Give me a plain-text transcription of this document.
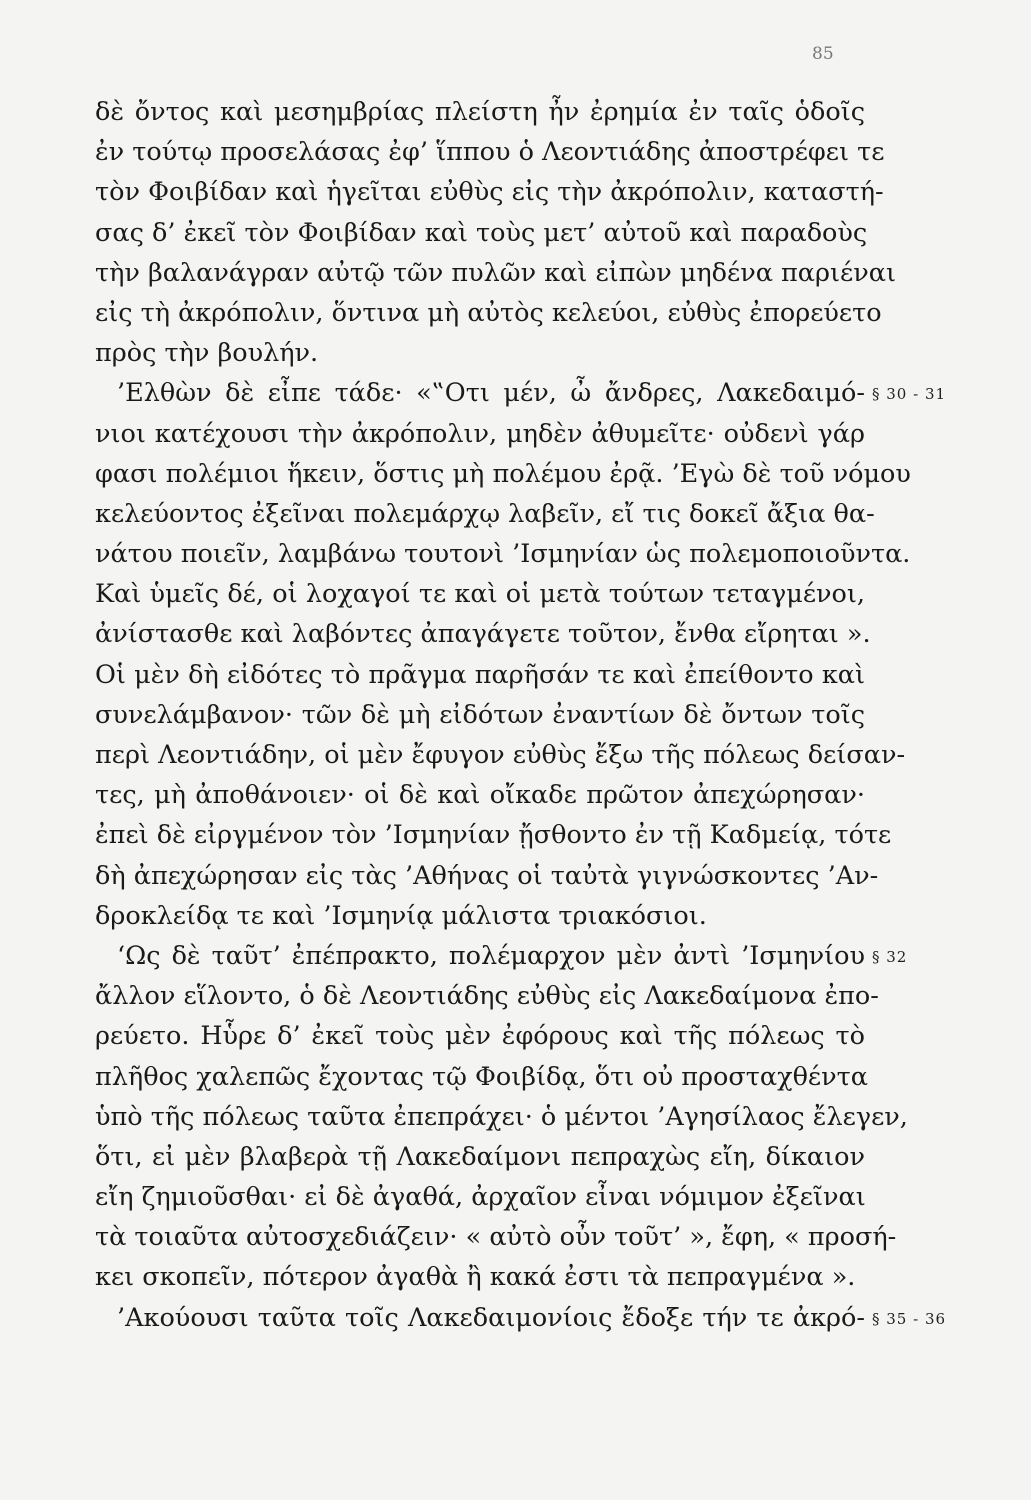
85
δὲ ὄντος καὶ μεσημβρίας πλείστη ἦν ἐρημία ἐν ταῖς ὁδοῖς
ἐν τούτῳ προσελάσας ἐφ’ ἵππου ὁ Λεοντιάδης ἀποστρέφει τε
τὸν Φοιβίδαν καὶ ἡγεῖται εὐθὺς εἰς τὴν ἀκρόπολιν, καταστή-
σας δ’ ἐκεῖ τὸν Φοιβίδαν καὶ τοὺς μετ’ αὐτοῦ καὶ παραδοὺς
τὴν βαλανάγραν αὐτῷ τῶν πυλῶν καὶ εἰπὼν μηδένα παριέναι
εἰς τὴ ἀκρόπολιν, ὅντινα μὴ αὐτὸς κελεύοι, εὐθὺς ἐπορεύετο
πρὸς τὴν βουλήν.
’Ελθὼν δὲ εἶπε τάδε· «‟Οτι μέν, ὦ ἄνδρες, Λακεδαιμό-
νιοι κατέχουσι τὴν ἀκρόπολιν, μηδὲν ἀθυμεῖτε· οὐδενὶ γάρ
φασι πολέμιοι ἥκειν, ὅστις μὴ πολέμου ἐρᾷ. ’Εγὼ δὲ τοῦ νόμου
κελεύοντος ἐξεῖναι πολεμάρχῳ λαβεῖν, εἴ τις δοκεῖ ἄξια θα-
νάτου ποιεῖν, λαμβάνω τουτονὶ ’Ισμηνίαν ὡς πολεμοποιοῦντα.
Καὶ ὑμεῖς δέ, οἱ λοχαγοί τε καὶ οἱ μετὰ τούτων τεταγμένοι,
ἀνίστασθε καὶ λαβόντες ἀπαγάγετε τοῦτον, ἔνθα εἴρηται ».
Οἱ μὲν δὴ εἰδότες τὸ πρᾶγμα παρῆσάν τε καὶ ἐπείθοντο καὶ
συνελάμβανον· τῶν δὲ μὴ εἰδότων ἐναντίων δὲ ὄντων τοῖς
περὶ Λεοντιάδην, οἱ μὲν ἔφυγον εὐθὺς ἔξω τῆς πόλεως δείσαν-
τες, μὴ ἀποθάνοιεν· οἱ δὲ καὶ οἴκαδε πρῶτον ἀπεχώρησαν·
ἐπεὶ δὲ εἰργμένον τὸν ’Ισμηνίαν ᾔσθοντο ἐν τῇ Καδμείᾳ, τότε
δὴ ἀπεχώρησαν εἰς τὰς ’Αθήνας οἱ ταὐτὰ γιγνώσκοντες ’Αν-
δροκλείδᾳ τε καὶ ’Ισμηνίᾳ μάλιστα τριακόσιοι.
‘Ως δὲ ταῦτ’ ἐπέπρακτο, πολέμαρχον μὲν ἀντὶ ’Ισμηνίου
ἄλλον εἵλοντο, ὁ δὲ Λεοντιάδης εὐθὺς εἰς Λακεδαίμονα ἐπο-
ρεύετο. Ηὗρε δ’ ἐκεῖ τοὺς μὲν ἐφόρους καὶ τῆς πόλεως τὸ
πλῆθος χαλεπῶς ἔχοντας τῷ Φοιβίδᾳ, ὅτι οὐ προσταχθέντα
ὑπὸ τῆς πόλεως ταῦτα ἐπεπράχει· ὁ μέντοι ’Αγησίλαος ἔλεγεν,
ὅτι, εἰ μὲν βλαβερὰ τῇ Λακεδαίμονι πεπραχὼς εἴη, δίκαιον
εἴη ζημιοῦσθαι· εἰ δὲ ἀγαθά, ἀρχαῖον εἶναι νόμιμον ἐξεῖναι
τὰ τοιαῦτα αὐτοσχεδιάζειν· « αὐτὸ οὖν τοῦτ’ », ἔφη, « προσή-
κει σκοπεῖν, πότερον ἀγαθὰ ἢ κακά ἐστι τὰ πεπραγμένα ».
’Ακούουσι ταῦτα τοῖς Λακεδαιμονίοις ἔδοξε τήν τε ἀκρό-
§ 30 - 31
§ 32
§ 35 - 36
